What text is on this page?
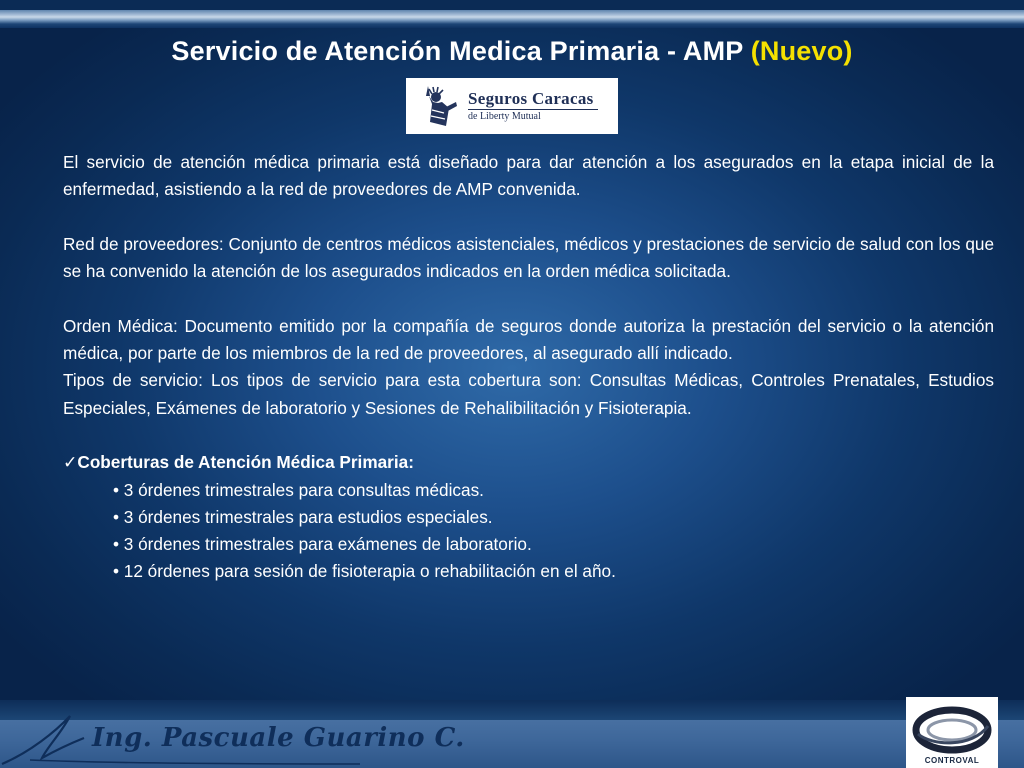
Servicio de Atención Medica Primaria - AMP (Nuevo)
Seguros Caracas
de Liberty Mutual

El servicio de atención médica primaria está diseñado para dar atención a los asegurados en la etapa inicial de la enfermedad, asistiendo a la red de proveedores de AMP convenida.

Red de proveedores: Conjunto de centros médicos asistenciales, médicos y prestaciones de servicio de salud con los que se ha convenido la atención de los asegurados indicados en la orden médica solicitada.

Orden Médica: Documento emitido por la compañía de seguros donde autoriza la prestación del servicio o la atención médica, por parte de los miembros de la red de proveedores, al asegurado allí indicado.

Tipos de servicio: Los tipos de servicio para esta cobertura son: Consultas Médicas, Controles Prenatales, Estudios Especiales, Exámenes de laboratorio y Sesiones de Rehalibilitación y Fisioterapia.

✓Coberturas de Atención Médica Primaria:

• 3 órdenes trimestrales para consultas médicas.
• 3 órdenes trimestrales para estudios especiales.
• 3 órdenes trimestrales para exámenes de laboratorio.
• 12 órdenes para sesión de fisioterapia o rehabilitación en el año.
Ing. Pascuale Guarino C.
CONTROVAL
